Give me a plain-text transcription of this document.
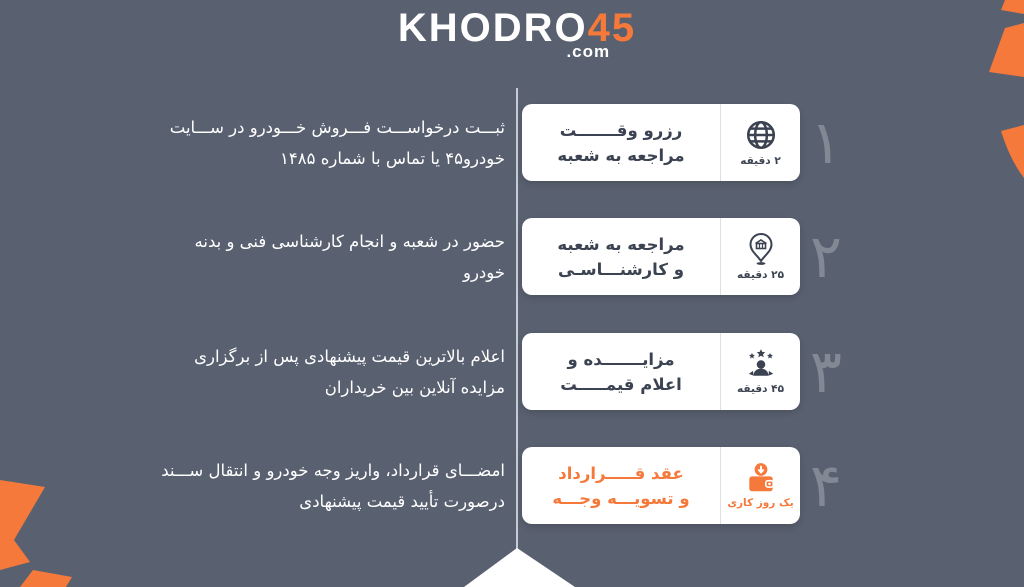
KHODRO45
.com
ثبـــت درخواســـت فـــروش خـــودرو در ســـایت
خودرو۴۵ یا تماس با شماره ۱۴۸۵
رزرو وقـــــــت
مراجعه به شعبه	۲ دقیقه ۱
حضور در شعبه و انجام کارشناسی فنی و بدنه
خودرو
مراجعه به شعبه
و کارشنـــاسـی	۲۵ دقیقه ۲
اعلام بالاترین قیمت پیشنهادی پس از برگزاری
مزایده آنلاین بین خریداران
مزایـــــــده و
اعلام قیمـــــت	۴۵ دقیقه ۳
امضـــای قرارداد، واریز وجه خودرو و انتقال ســـند
درصورت تأیید قیمت پیشنهادی
عقد قـــــرارداد
و تسویـــه وجـــه	یک روز کاری ۴
